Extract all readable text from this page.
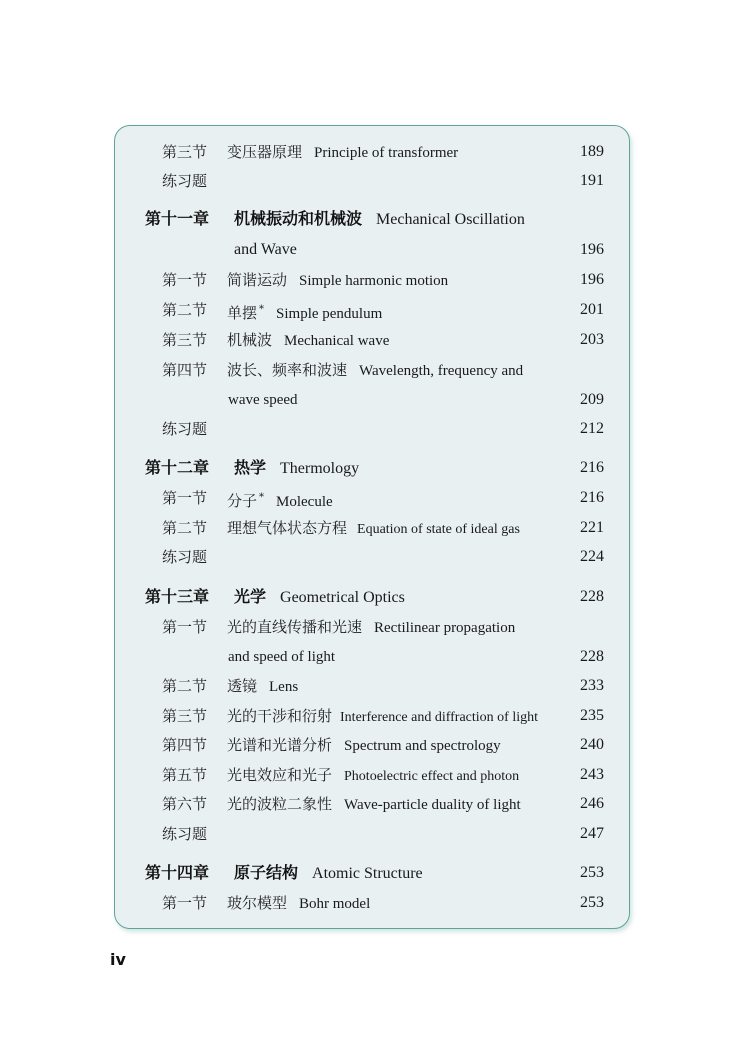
第三节 变压器原理 Principle of transformer	189
练习题	191
第十一章 机械振动和机械波 Mechanical Oscillation
and Wave	196
第一节 简谐运动 Simple harmonic motion	196
第二节 单摆 * Simple pendulum	201
第三节 机械波 Mechanical wave	203
第四节 波长、频率和波速 Wavelength, frequency and
wave speed	209
练习题	212
第十二章 热学 Thermology	216
第一节 分子 * Molecule	216
第二节 理想气体状态方程 Equation of state of ideal gas	221
练习题	224
第十三章 光学 Geometrical Optics	228
第一节 光的直线传播和光速 Rectilinear propagation
and speed of light	228
第二节 透镜 Lens	233
第三节 光的干涉和衍射 Interference and diffraction of light	235
第四节 光谱和光谱分析 Spectrum and spectrology	240
第五节 光电效应和光子 Photoelectric effect and photon	243
第六节 光的波粒二象性 Wave-particle duality of light	246
练习题	247
第十四章 原子结构 Atomic Structure	253
第一节 玻尔模型 Bohr model	253
iv
